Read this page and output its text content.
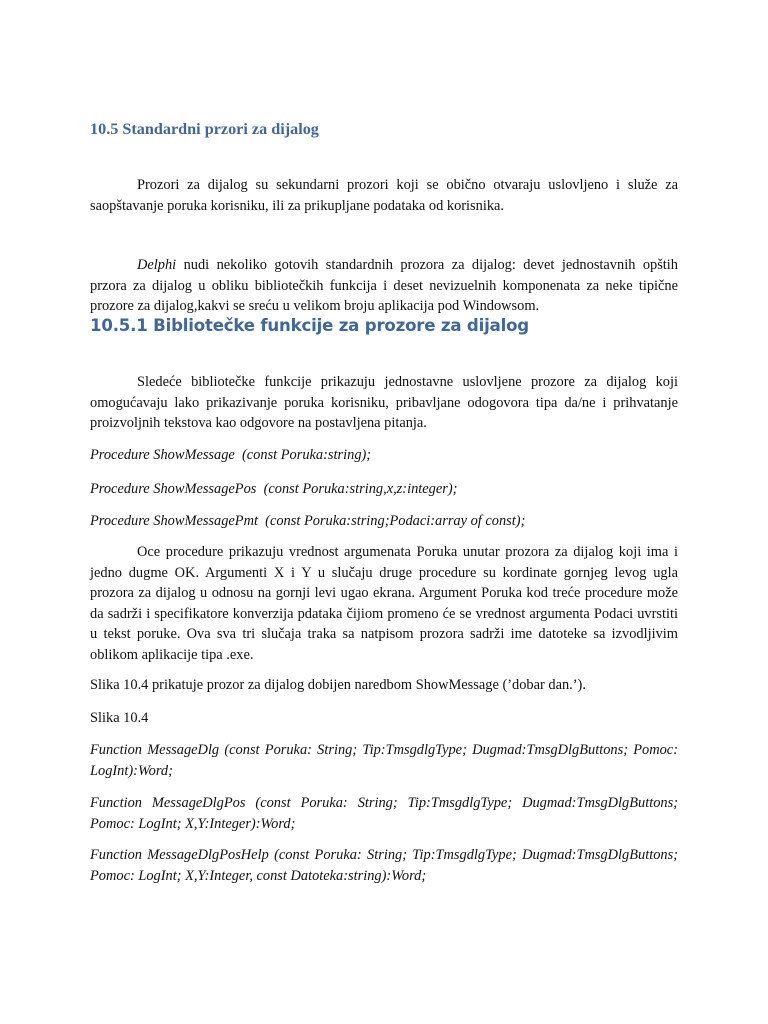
10.5 Standardni przori za dijalog

Prozori za dijalog su sekundarni prozori koji se obično otvaraju uslovljeno i služe za saopštavanje poruka korisniku, ili za prikupljane podataka od korisnika.

Delphi nudi nekoliko gotovih standardnih prozora za dijalog: devet jednostavnih opštih przora za dijalog u obliku bibliotečkih funkcija i deset nevizuelnih komponenata za neke tipične prozore za dijalog,kakvi se sreću u velikom broju aplikacija pod Windowsom.

10.5.1 Bibliotečke funkcije za prozore za dijalog

Sledeće bibliotečke funkcije prikazuju jednostavne uslovljene prozore za dijalog koji omogućavaju lako prikazivanje poruka korisniku, pribavljane odogovora tipa da/ne i prihvatanje proizvoljnih tekstova kao odgovore na postavljena pitanja.

Procedure ShowMessage  (const Poruka:string);

Procedure ShowMessagePos  (const Poruka:string,x,z:integer);

Procedure ShowMessagePmt  (const Poruka:string;Podaci:array of const);

Oce procedure prikazuju vrednost argumenata Poruka unutar prozora za dijalog koji ima i jedno dugme OK. Argumenti X i Y u slučaju druge procedure su kordinate gornjeg levog ugla prozora za dijalog u odnosu na gornji levi ugao ekrana. Argument Poruka kod treće procedure može da sadrži i specifikatore konverzija pdataka čijiom promeno će se vrednost argumenta Podaci uvrstiti u tekst poruke. Ova sva tri slučaja traka sa natpisom prozora sadrži ime datoteke sa izvodljivim oblikom aplikacije tipa .exe.

Slika 10.4 prikatuje prozor za dijalog dobijen naredbom ShowMessage (’dobar dan.’).

Slika 10.4

Function MessageDlg (const Poruka: String; Tip:TmsgdlgType; Dugmad:TmsgDlgButtons; Pomoc: LogInt):Word;

Function MessageDlgPos (const Poruka: String; Tip:TmsgdlgType; Dugmad:TmsgDlgButtons; Pomoc: LogInt; X,Y:Integer):Word;

Function MessageDlgPosHelp (const Poruka: String; Tip:TmsgdlgType; Dugmad:TmsgDlgButtons; Pomoc: LogInt; X,Y:Integer, const Datoteka:string):Word;
